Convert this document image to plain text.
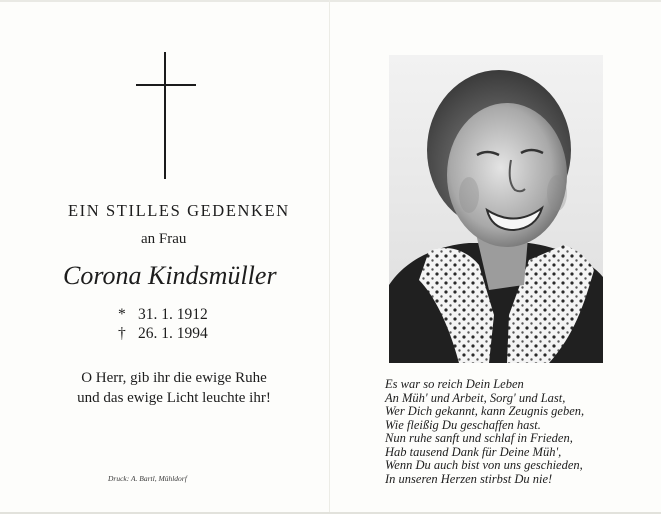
EIN STILLES GEDENKEN
an Frau
Corona Kindsmüller
* 31. 1. 1912
† 26. 1. 1994
O Herr, gib ihr die ewige Ruhe
und das ewige Licht leuchte ihr!
Druck: A. Bartl, Mühldorf
Es war so reich Dein Leben
An Müh' und Arbeit, Sorg' und Last,
Wer Dich gekannt, kann Zeugnis geben,
Wie fleißig Du geschaffen hast.
Nun ruhe sanft und schlaf in Frieden,
Hab tausend Dank für Deine Müh',
Wenn Du auch bist von uns geschieden,
In unseren Herzen stirbst Du nie!
